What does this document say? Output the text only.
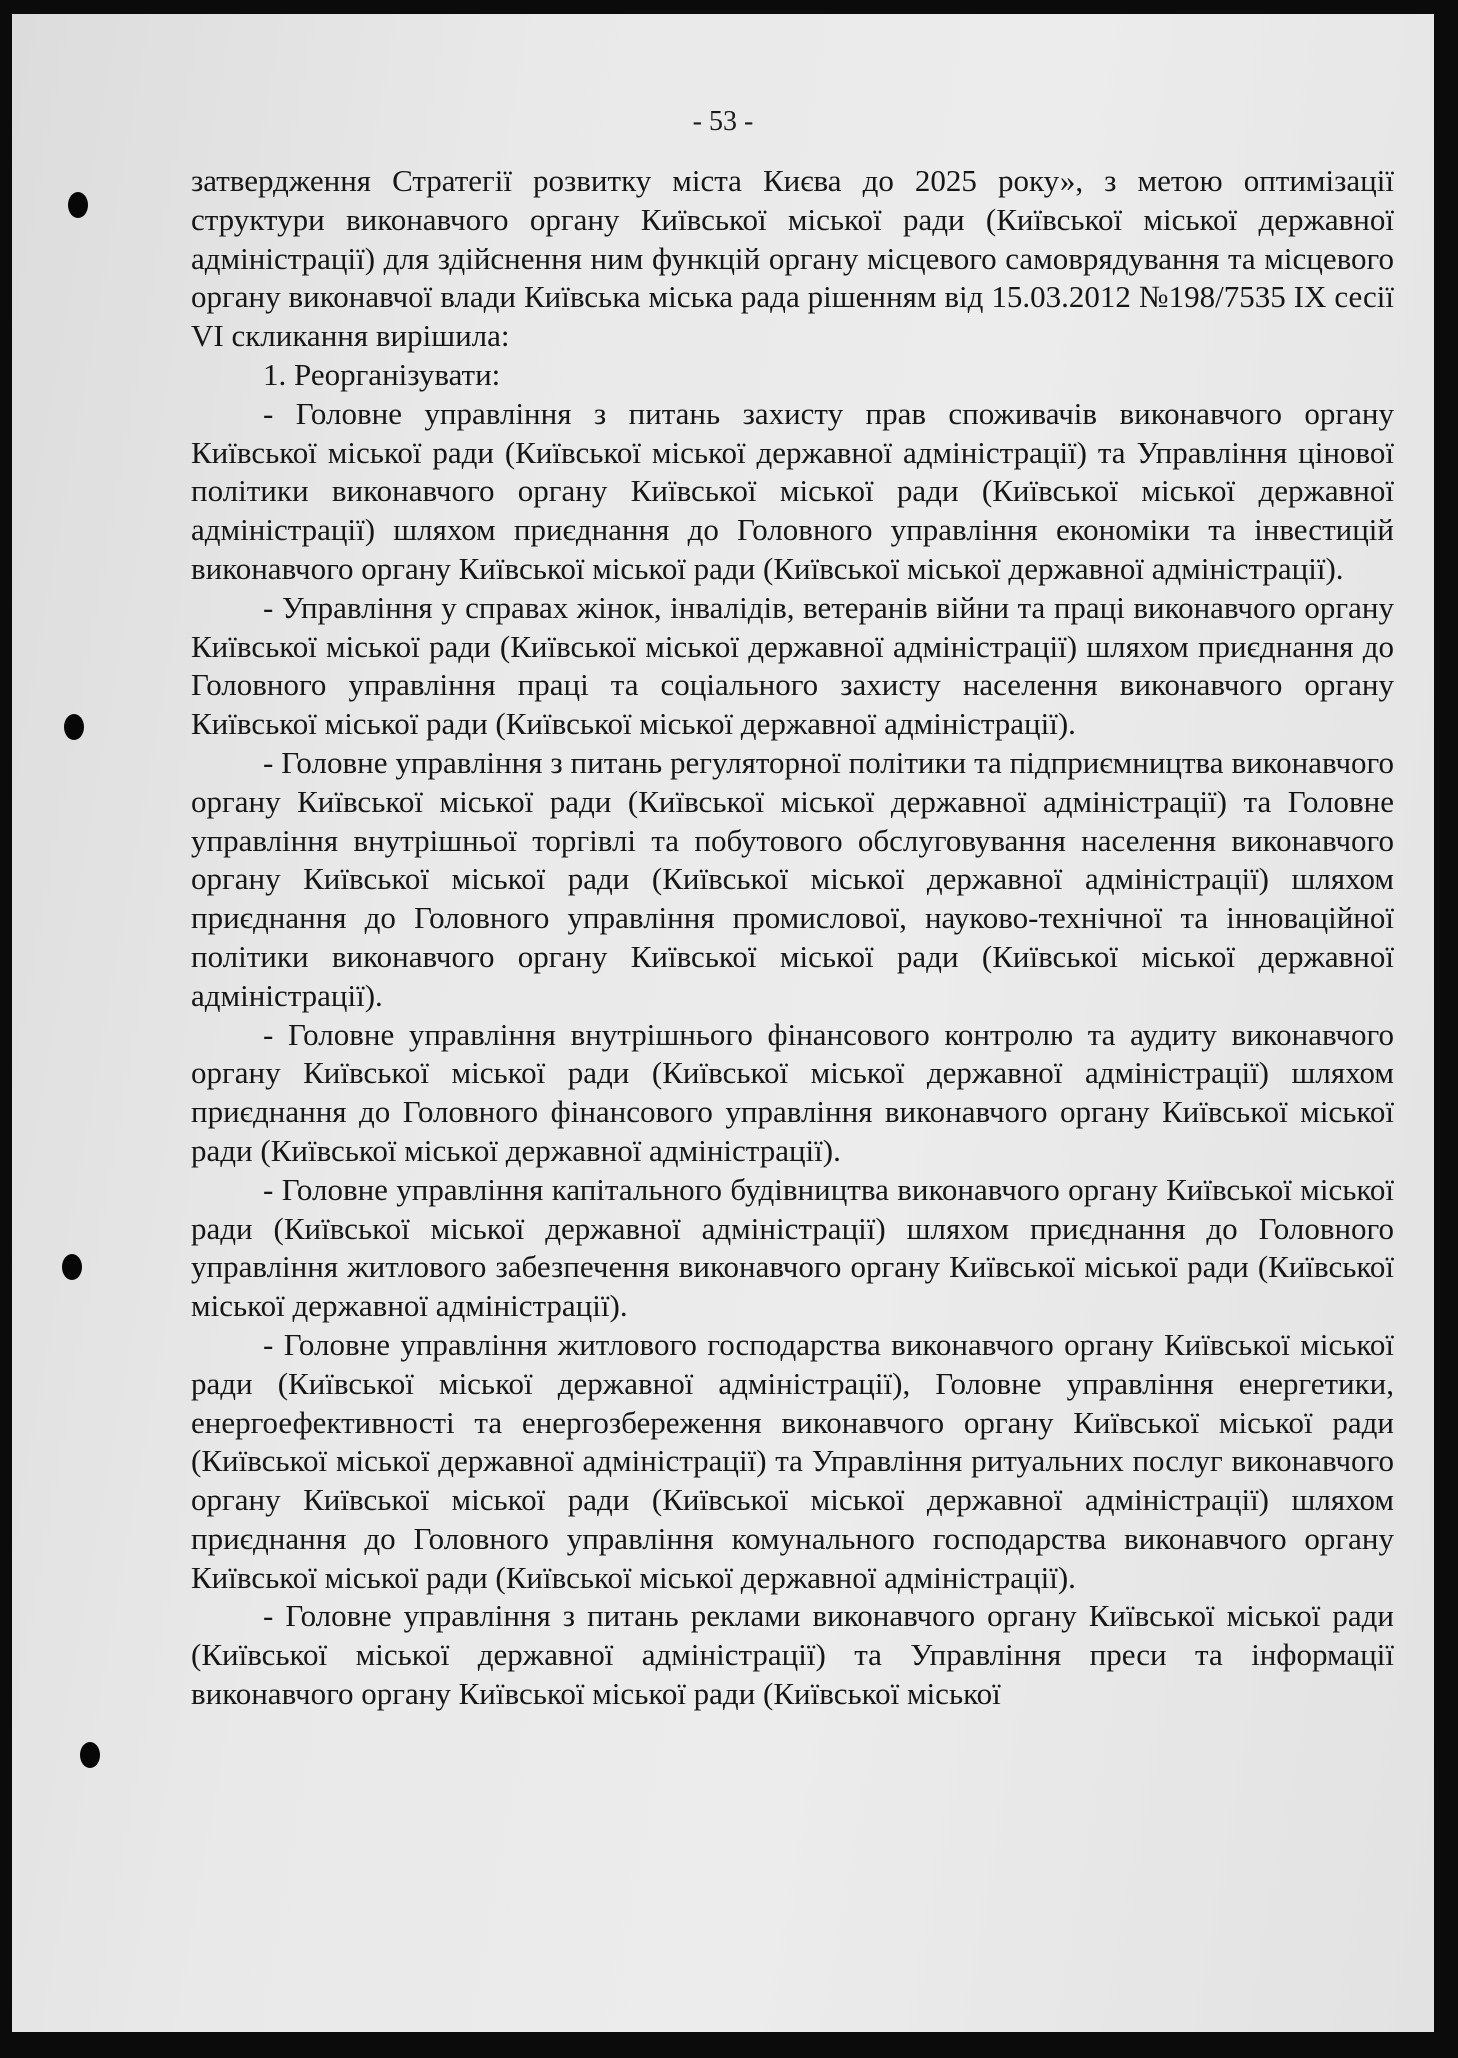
- 53 -

затвердження Стратегії розвитку міста Києва до 2025 року», з метою оптимізації структури виконавчого органу Київської міської ради (Київської міської державної адміністрації) для здійснення ним функцій органу місцевого самоврядування та місцевого органу виконавчої влади Київська міська рада рішенням від 15.03.2012 №198/7535 IX сесії VI скликання вирішила:

1. Реорганізувати:

- Головне управління з питань захисту прав споживачів виконавчого органу Київської міської ради (Київської міської державної адміністрації) та Управління цінової політики виконавчого органу Київської міської ради (Київської міської державної адміністрації) шляхом приєднання до Головного управління економіки та інвестицій виконавчого органу Київської міської ради (Київської міської державної адміністрації).

- Управління у справах жінок, інвалідів, ветеранів війни та праці виконавчого органу Київської міської ради (Київської міської державної адміністрації) шляхом приєднання до Головного управління праці та соціального захисту населення виконавчого органу Київської міської ради (Київської міської державної адміністрації).

- Головне управління з питань регуляторної політики та підприємництва виконавчого органу Київської міської ради (Київської міської державної адміністрації) та Головне управління внутрішньої торгівлі та побутового обслуговування населення виконавчого органу Київської міської ради (Київської міської державної адміністрації) шляхом приєднання до Головного управління промислової, науково-технічної та інноваційної політики виконавчого органу Київської міської ради (Київської міської державної адміністрації).

- Головне управління внутрішнього фінансового контролю та аудиту виконавчого органу Київської міської ради (Київської міської державної адміністрації) шляхом приєднання до Головного фінансового управління виконавчого органу Київської міської ради (Київської міської державної адміністрації).

- Головне управління капітального будівництва виконавчого органу Київської міської ради (Київської міської державної адміністрації) шляхом приєднання до Головного управління житлового забезпечення виконавчого органу Київської міської ради (Київської міської державної адміністрації).

- Головне управління житлового господарства виконавчого органу Київської міської ради (Київської міської державної адміністрації), Головне управління енергетики, енергоефективності та енергозбереження виконавчого органу Київської міської ради (Київської міської державної адміністрації) та Управління ритуальних послуг виконавчого органу Київської міської ради (Київської міської державної адміністрації) шляхом приєднання до Головного управління комунального господарства виконавчого органу Київської міської ради (Київської міської державної адміністрації).

- Головне управління з питань реклами виконавчого органу Київської міської ради (Київської міської державної адміністрації) та Управління преси та інформації виконавчого органу Київської міської ради (Київської міської
